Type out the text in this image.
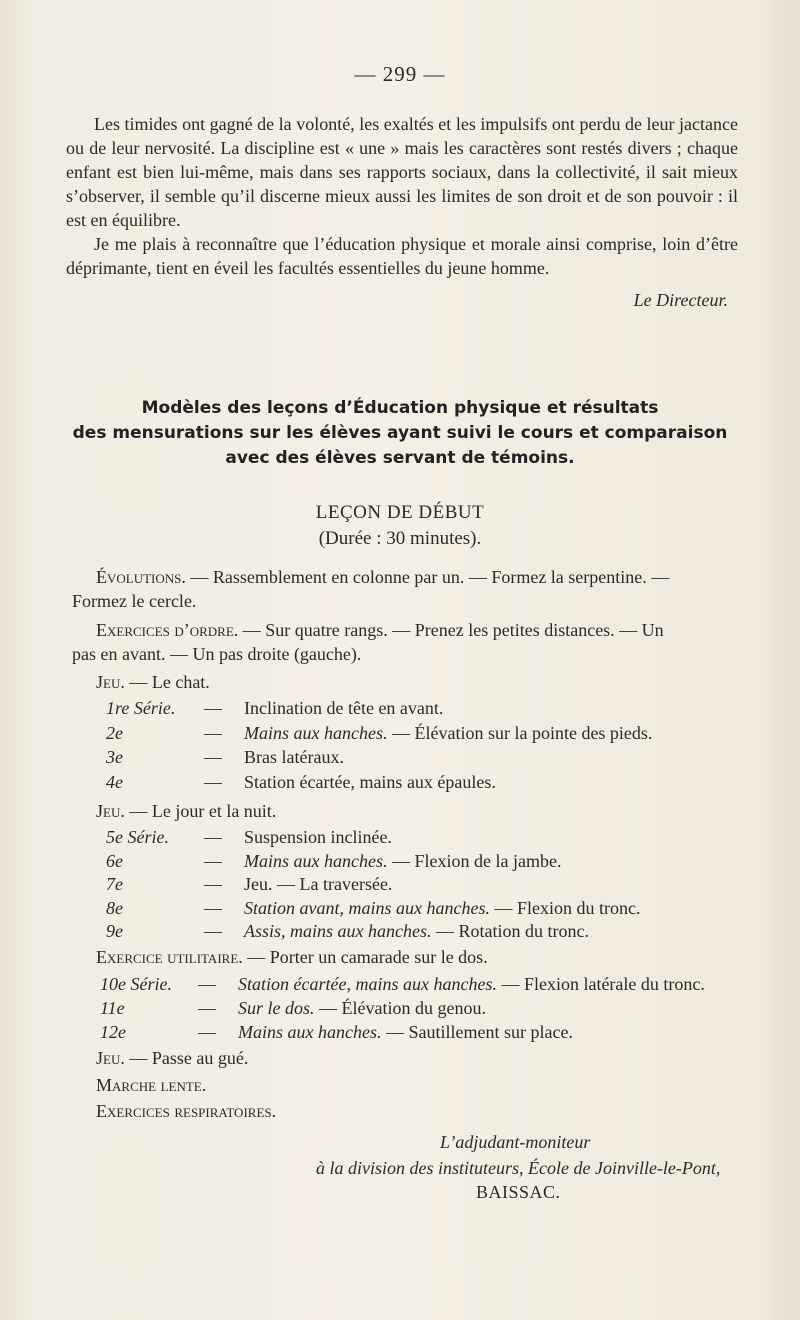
— 299 —

Les timides ont gagné de la volonté, les exaltés et les impulsifs ont perdu de leur jactance ou de leur nervosité. La discipline est « une » mais les caractères sont restés divers ; chaque enfant est bien lui-même, mais dans ses rapports sociaux, dans la collectivité, il sait mieux s’observer, il semble qu’il discerne mieux aussi les limites de son droit et de son pouvoir : il est en équilibre.

Je me plais à reconnaître que l’éducation physique et morale ainsi comprise, loin d’être déprimante, tient en éveil les facultés essentielles du jeune homme.

Le Directeur.
Modèles des leçons d’Éducation physique et résultats
des mensurations sur les élèves ayant suivi le cours et comparaison
avec des élèves servant de témoins.
LEÇON DE DÉBUT
(Durée : 30 minutes).
Évolutions. — Rassemblement en colonne par un. — Formez la serpentine. —
Formez le cercle.
Exercices d’ordre. — Sur quatre rangs. — Prenez les petites distances. — Un
pas en avant. — Un pas droite (gauche).
Jeu. — Le chat.
1re Série. — Inclination de tête en avant.
2e	— Mains aux hanches. — Élévation sur la pointe des pieds.
3e	— Bras latéraux.
4e	— Station écartée, mains aux épaules.
Jeu. — Le jour et la nuit.
5e Série. — Suspension inclinée.
6e	— Mains aux hanches. — Flexion de la jambe.
7e	— Jeu. — La traversée.
8e	— Station avant, mains aux hanches. — Flexion du tronc.
9e	— Assis, mains aux hanches. — Rotation du tronc.
Exercice utilitaire. — Porter un camarade sur le dos.
10e Série. — Station écartée, mains aux hanches. — Flexion latérale du tronc.
11e	— Sur le dos. — Élévation du genou.
12e	— Mains aux hanches. — Sautillement sur place.
Jeu. — Passe au gué.
Marche lente.
Exercices respiratoires.
L’adjudant-moniteur
à la division des instituteurs, École de Joinville-le-Pont,
BAISSAC.
